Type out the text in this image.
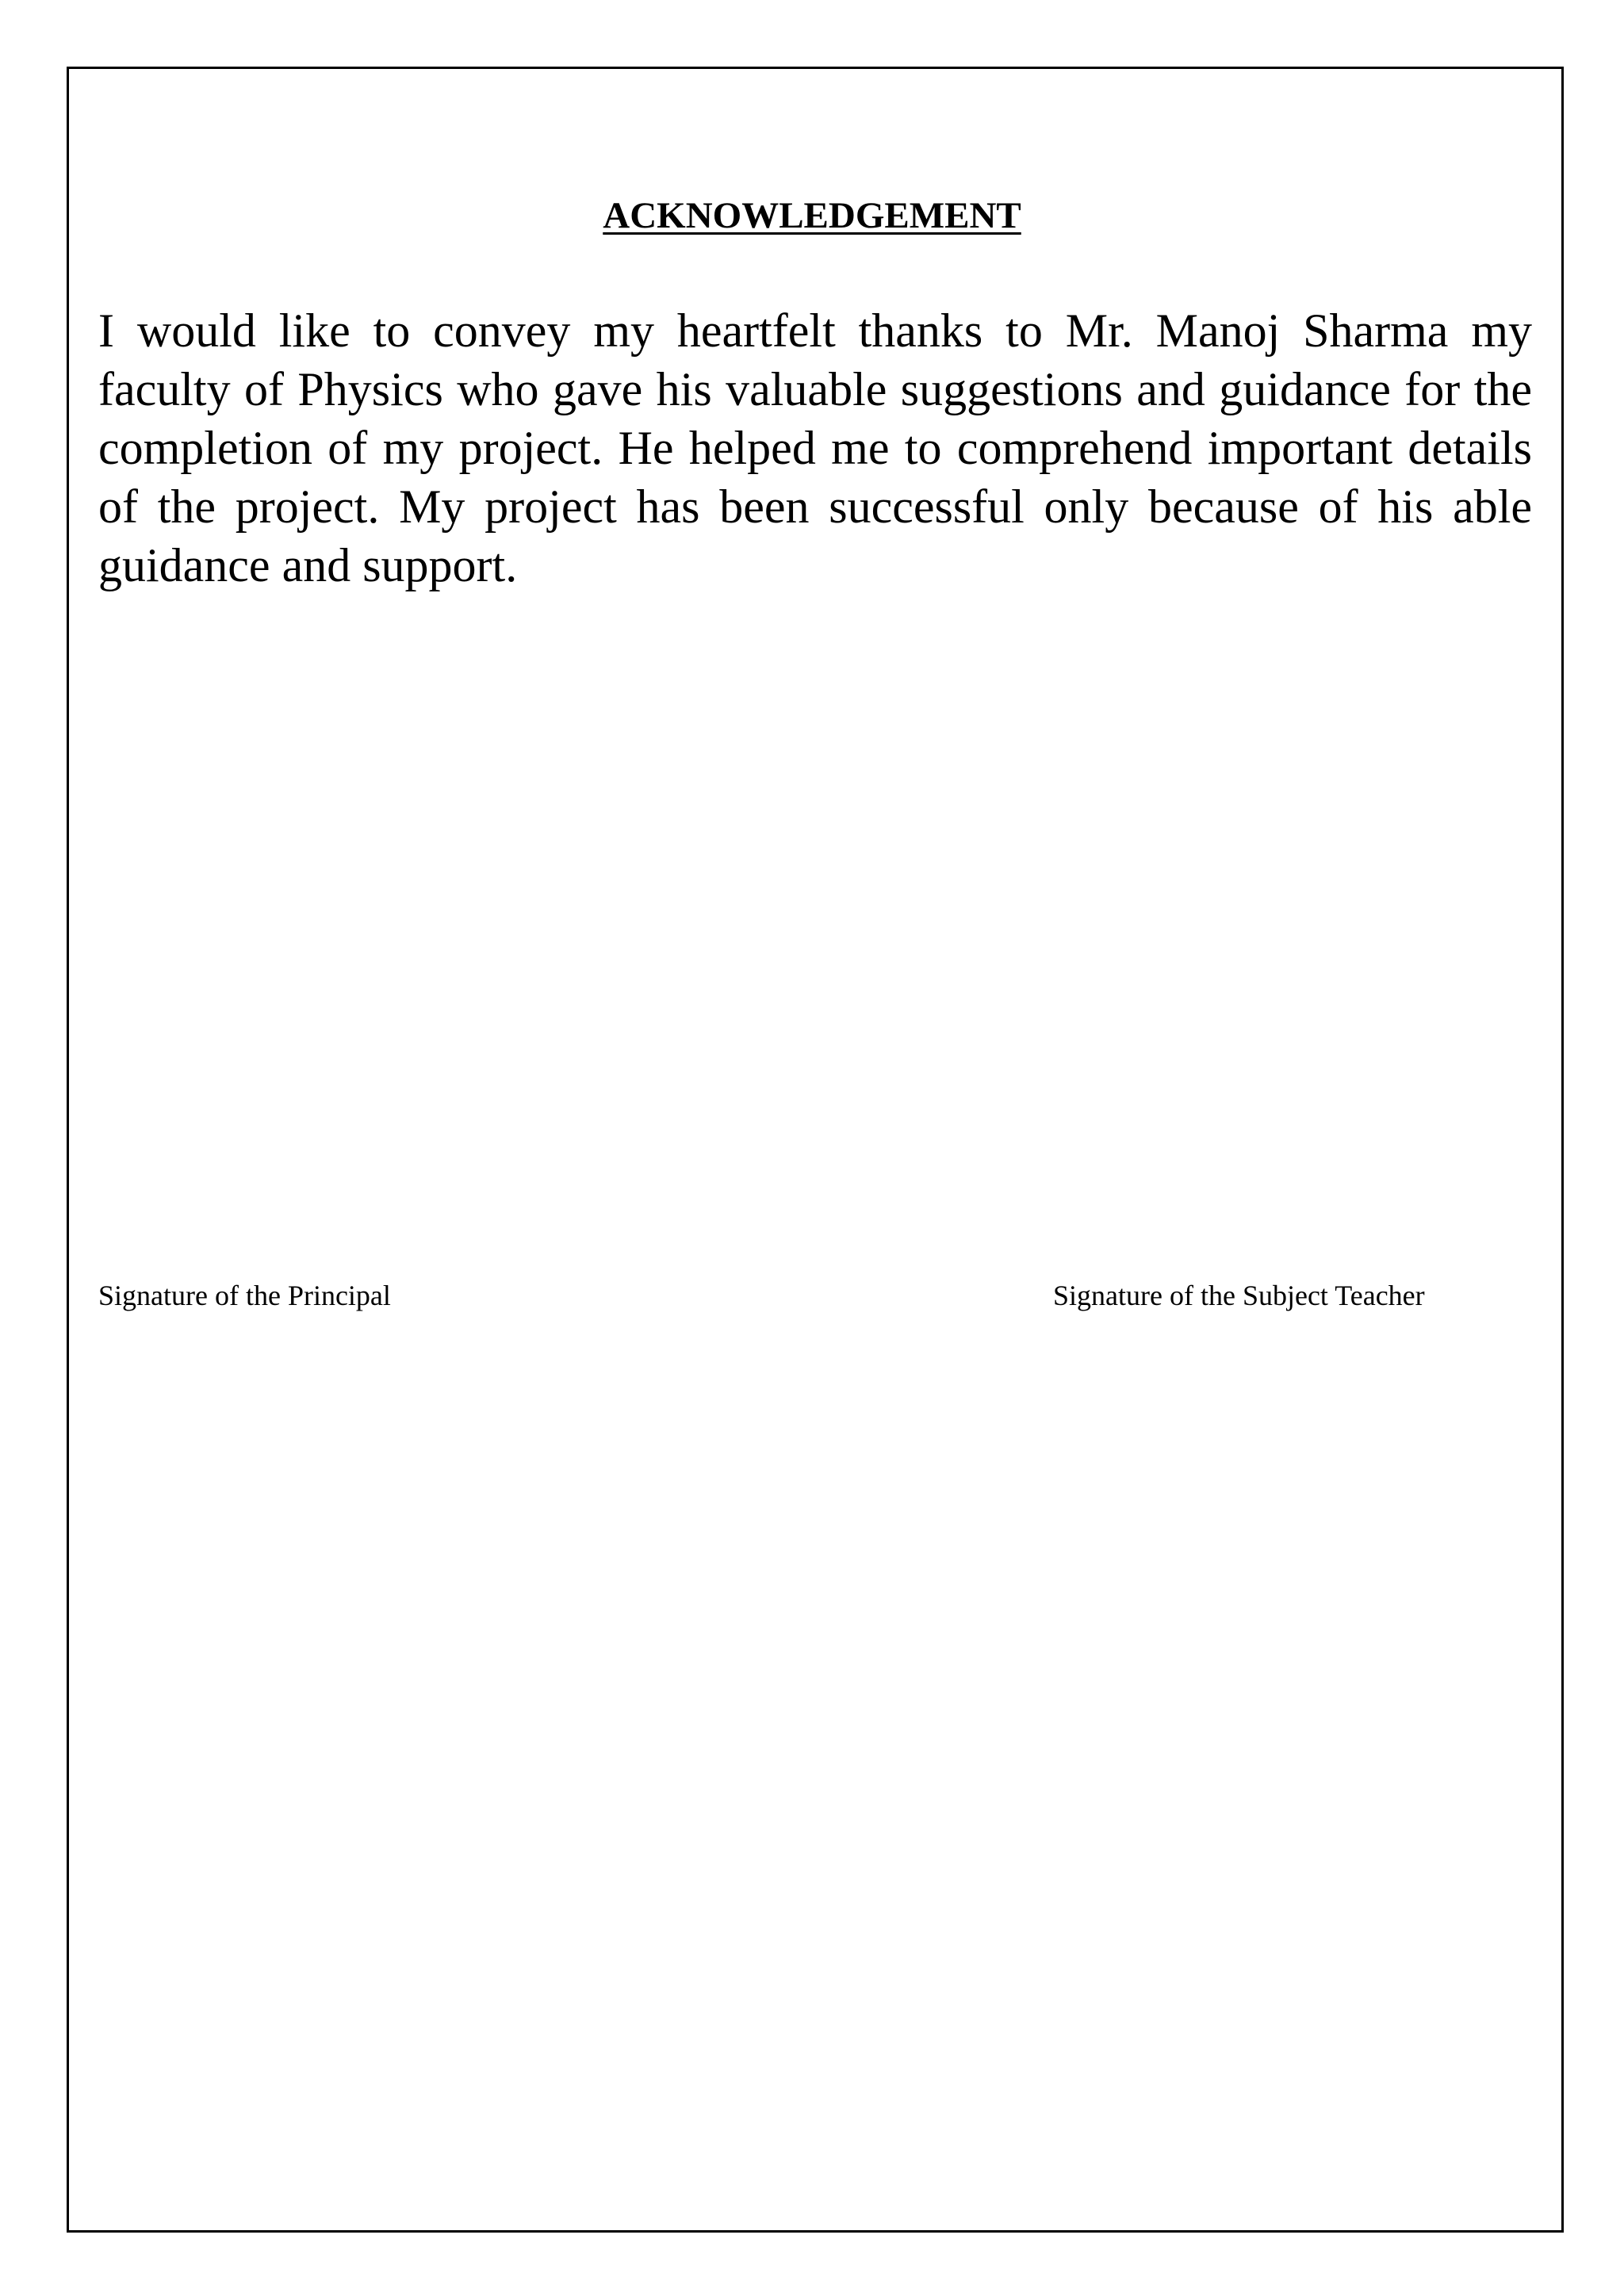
ACKNOWLEDGEMENT

I would like to convey my heartfelt thanks to Mr. Manoj Sharma my faculty of Physics who gave his valuable suggestions and guidance for the completion of my project. He helped me to comprehend important details of the project. My project has been successful only because of his able guidance and support.

Signature of the Principal	Signature of the Subject Teacher
